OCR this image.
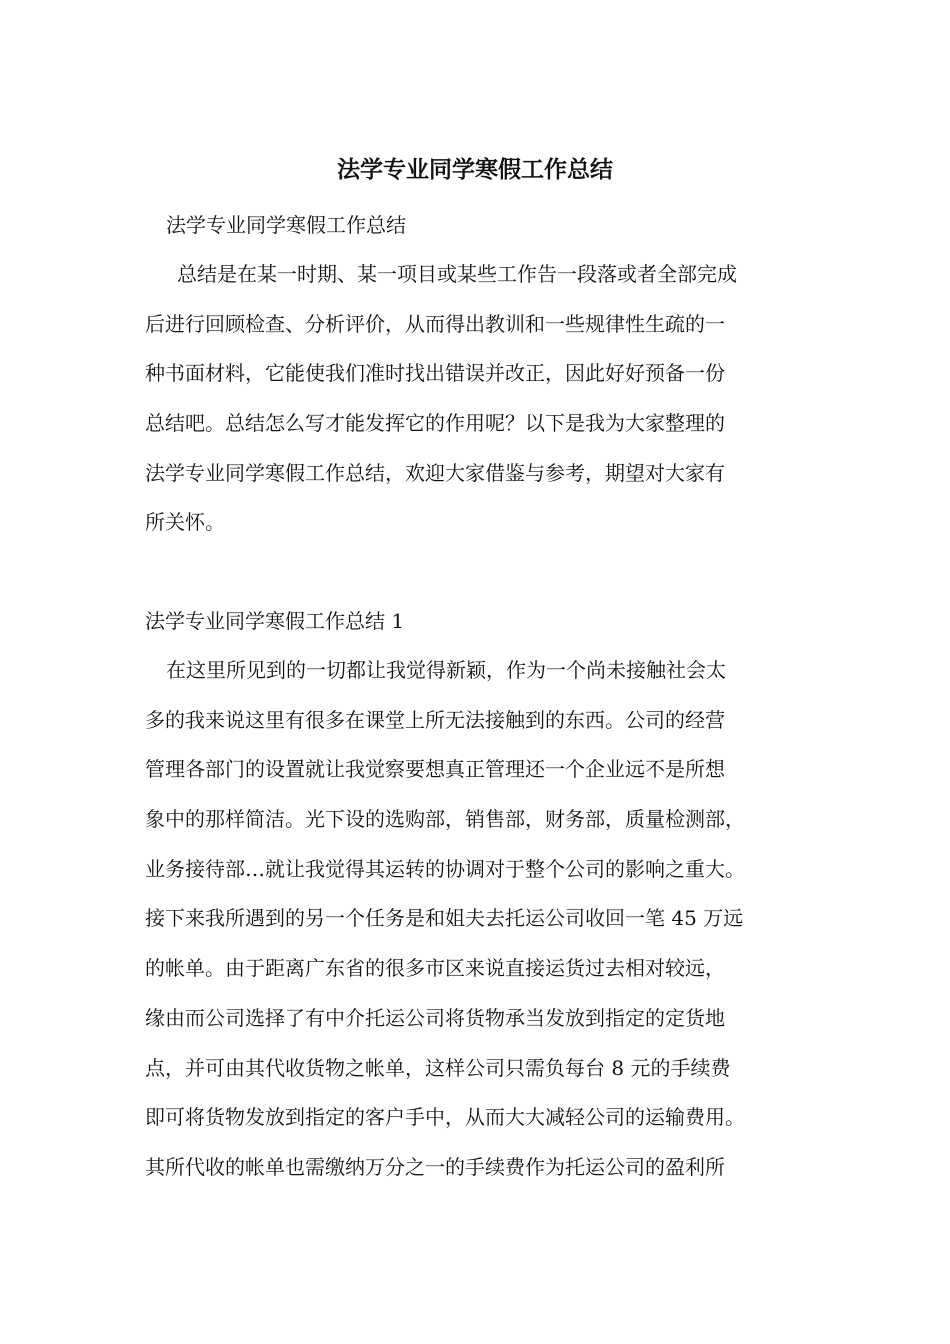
法学专业同学寒假工作总结

法学专业同学寒假工作总结

总结是在某一时期、某一项目或某些工作告一段落或者全部完成
后进行回顾检查、分析评价，从而得出教训和一些规律性生疏的一
种书面材料，它能使我们准时找出错误并改正，因此好好预备一份
总结吧。总结怎么写才能发挥它的作用呢？以下是我为大家整理的
法学专业同学寒假工作总结，欢迎大家借鉴与参考，期望对大家有
所关怀。

法学专业同学寒假工作总结 1

在这里所见到的一切都让我觉得新颖，作为一个尚未接触社会太
多的我来说这里有很多在课堂上所无法接触到的东西。公司的经营
管理各部门的设置就让我觉察要想真正管理还一个企业远不是所想
象中的那样简洁。光下设的选购部，销售部，财务部，质量检测部，
业务接待部…就让我觉得其运转的协调对于整个公司的影响之重大。
接下来我所遇到的另一个任务是和姐夫去托运公司收回一笔 45 万远
的帐单。由于距离广东省的很多市区来说直接运货过去相对较远，
缘由而公司选择了有中介托运公司将货物承当发放到指定的定货地
点，并可由其代收货物之帐单，这样公司只需负每台 8 元的手续费
即可将货物发放到指定的客户手中，从而大大减轻公司的运输费用。
其所代收的帐单也需缴纳万分之一的手续费作为托运公司的盈利所
